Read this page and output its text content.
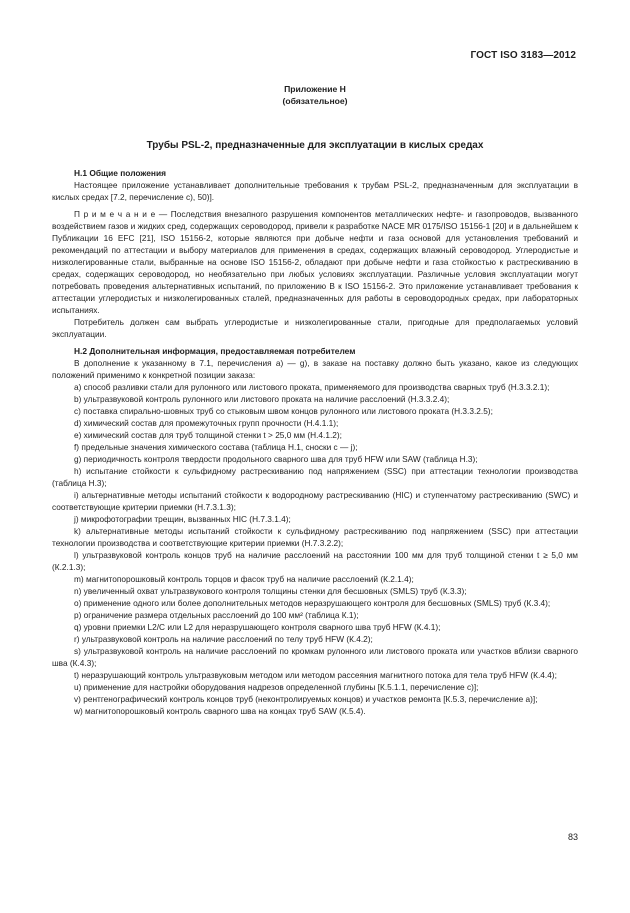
ГОСТ ISO 3183—2012
Приложение Н
(обязательное)
Трубы PSL-2, предназначенные для эксплуатации в кислых средах
Н.1 Общие положения

Настоящее приложение устанавливает дополнительные требования к трубам PSL-2, предназначенным для эксплуатации в кислых средах [7.2, перечисление с), 50)].

П р и м е ч а н и е — Последствия внезапного разрушения компонентов металлических нефте- и газопроводов, вызванного воздействием газов и жидких сред, содержащих сероводород, привели к разработке NACE MR 0175/ISO 15156-1 [20] и в дальнейшем к Публикации 16 EFC [21], ISO 15156-2, которые являются при добыче нефти и газа основой для установления требований и рекомендаций по аттестации и выбору материалов для применения в средах, содержащих влажный сероводород. Углеродистые и низколегированные стали, выбранные на основе ISO 15156-2, обладают при добыче нефти и газа стойкостью к растрескиванию в средах, содержащих сероводород, но необязательно при любых условиях эксплуатации. Различные условия эксплуатации могут потребовать проведения альтернативных испытаний, по приложению В к ISO 15156-2. Это приложение устанавливает требования к аттестации углеродистых и низколегированных сталей, предназначенных для работы в сероводородных средах, при лабораторных испытаниях.

Потребитель должен сам выбрать углеродистые и низколегированные стали, пригодные для предполагаемых условий эксплуатации.

Н.2 Дополнительная информация, предоставляемая потребителем

В дополнение к указанному в 7.1, перечисления а) — g), в заказе на поставку должно быть указано, какое из следующих положений применимо к конкретной позиции заказа:

a) способ разливки стали для рулонного или листового проката, применяемого для производства сварных труб (Н.3.3.2.1);

b) ультразвуковой контроль рулонного или листового проката на наличие расслоений (Н.3.3.2.4);

c) поставка спирально-шовных труб со стыковым швом концов рулонного или листового проката (Н.3.3.2.5);

d) химический состав для промежуточных групп прочности (Н.4.1.1);

e) химический состав для труб толщиной стенки t > 25,0 мм (Н.4.1.2);

f) предельные значения химического состава (таблица Н.1, сноски с — j);

g) периодичность контроля твердости продольного сварного шва для труб HFW или SAW (таблица Н.3);

h) испытание стойкости к сульфидному растрескиванию под напряжением (SSC) при аттестации технологии производства (таблица Н.3);

i) альтернативные методы испытаний стойкости к водородному растрескиванию (HIC) и ступенчатому растрескиванию (SWC) и соответствующие критерии приемки (Н.7.3.1.3);

j) микрофотографии трещин, вызванных HIC (Н.7.3.1.4);

k) альтернативные методы испытаний стойкости к сульфидному растрескиванию под напряжением (SSC) при аттестации технологии производства и соответствующие критерии приемки (Н.7.3.2.2);

l) ультразвуковой контроль концов труб на наличие расслоений на расстоянии 100 мм для труб толщиной стенки t ≥ 5,0 мм (К.2.1.3);

m) магнитопорошковый контроль торцов и фасок труб на наличие расслоений (К.2.1.4);

n) увеличенный охват ультразвукового контроля толщины стенки для бесшовных (SMLS) труб (К.3.3);

o) применение одного или более дополнительных методов неразрушающего контроля для бесшовных (SMLS) труб (К.3.4);

p) ограничение размера отдельных расслоений до 100 мм² (таблица К.1);

q) уровни приемки L2/C или L2 для неразрушающего контроля сварного шва труб HFW (К.4.1);

r) ультразвуковой контроль на наличие расслоений по телу труб HFW (К.4.2);

s) ультразвуковой контроль на наличие расслоений по кромкам рулонного или листового проката или участков вблизи сварного шва (К.4.3);

t) неразрушающий контроль ультразвуковым методом или методом рассеяния магнитного потока для тела труб HFW (К.4.4);

u) применение для настройки оборудования надрезов определенной глубины [К.5.1.1, перечисление с)];

v) рентгенографический контроль концов труб (неконтролируемых концов) и участков ремонта [К.5.3, перечисление а)];

w) магнитопорошковый контроль сварного шва на концах труб SAW (К.5.4).

83
